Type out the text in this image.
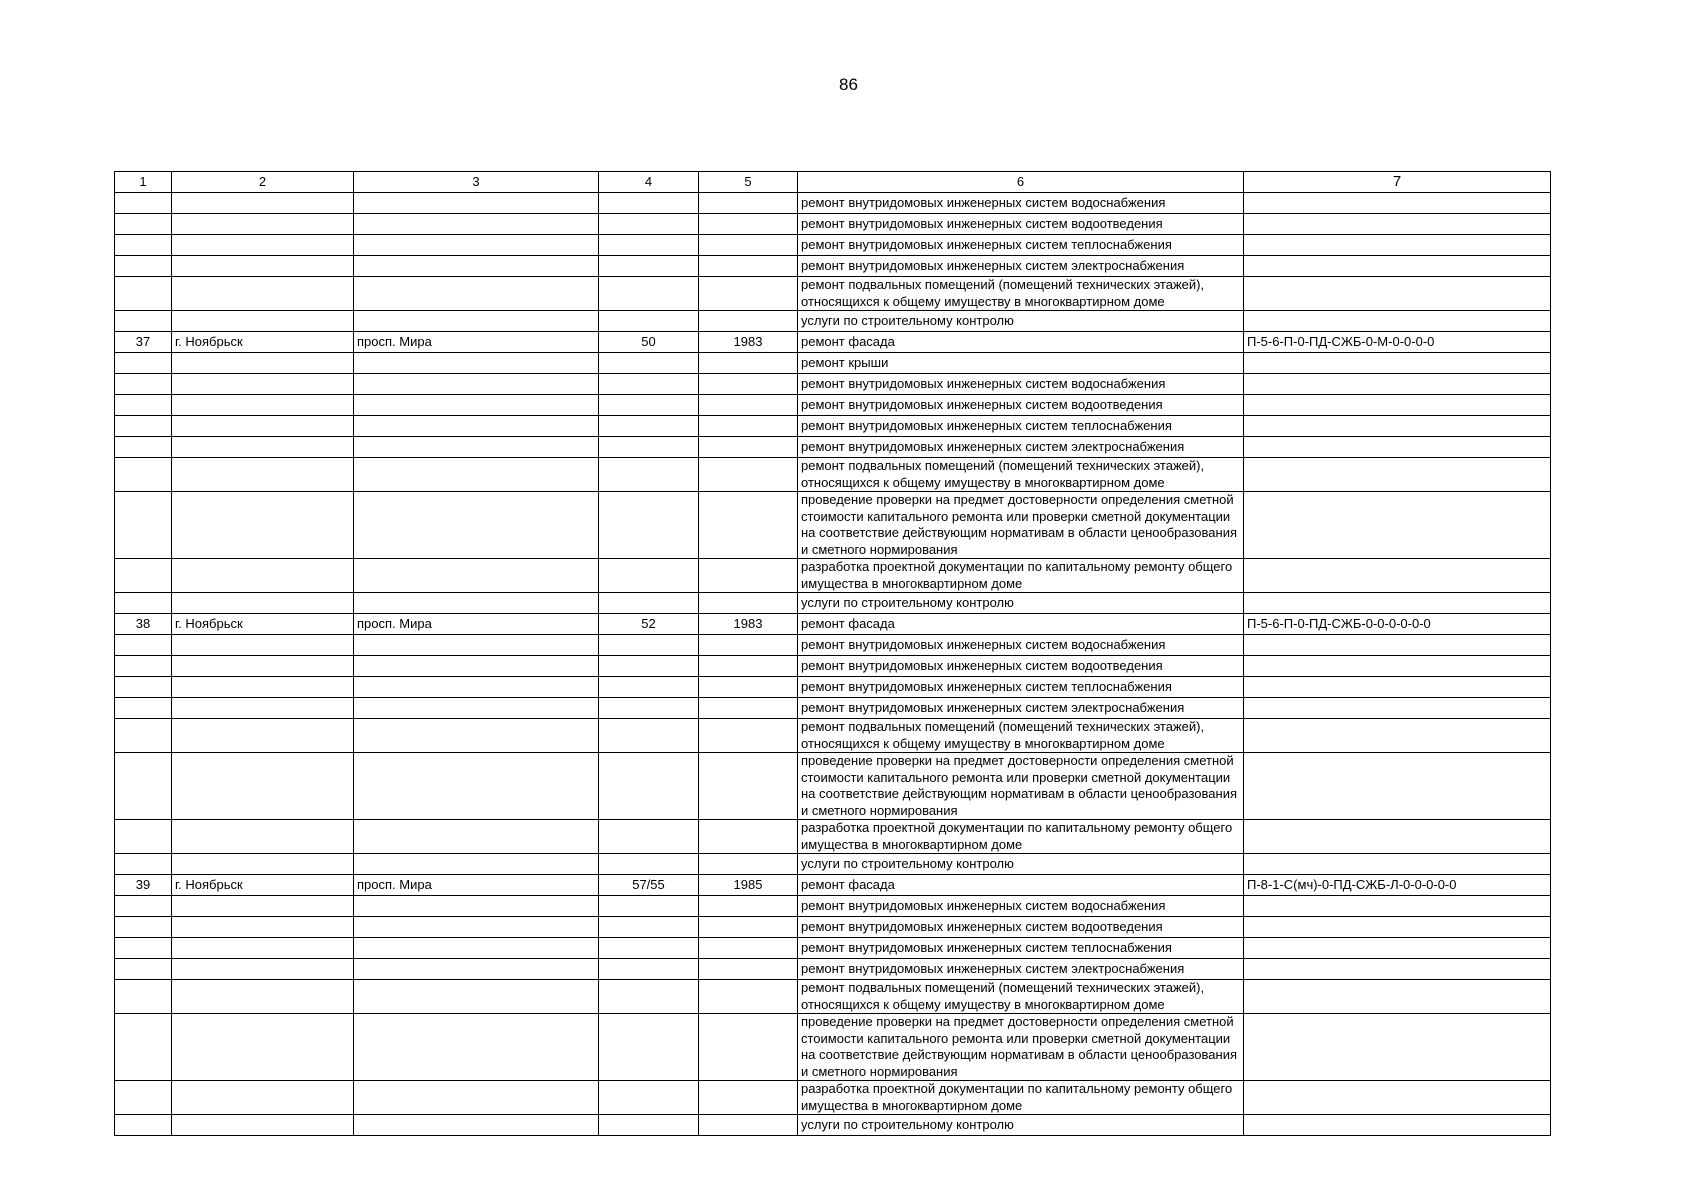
86
1	2	3	4	5	6	7
					ремонт внутридомовых инженерных систем водоснабжения	
					ремонт внутридомовых инженерных систем водоотведения	
					ремонт внутридомовых инженерных систем теплоснабжения	
					ремонт внутридомовых инженерных систем электроснабжения	
					ремонт подвальных помещений (помещений технических этажей), относящихся к общему имуществу в многоквартирном доме	
					услуги по строительному контролю	
37	г. Ноябрьск	просп. Мира	50	1983	ремонт фасада	П-5-6-П-0-ПД-СЖБ-0-М-0-0-0-0
					ремонт крыши	
					ремонт внутридомовых инженерных систем водоснабжения	
					ремонт внутридомовых инженерных систем водоотведения	
					ремонт внутридомовых инженерных систем теплоснабжения	
					ремонт внутридомовых инженерных систем электроснабжения	
					ремонт подвальных помещений (помещений технических этажей), относящихся к общему имуществу в многоквартирном доме	
					проведение проверки на предмет достоверности определения сметной стоимости капитального ремонта или проверки сметной документации на соответствие действующим нормативам в области ценообразования и сметного нормирования	
					разработка проектной документации по капитальному ремонту общего имущества в многоквартирном доме	
					услуги по строительному контролю	
38	г. Ноябрьск	просп. Мира	52	1983	ремонт фасада	П-5-6-П-0-ПД-СЖБ-0-0-0-0-0-0
					ремонт внутридомовых инженерных систем водоснабжения	
					ремонт внутридомовых инженерных систем водоотведения	
					ремонт внутридомовых инженерных систем теплоснабжения	
					ремонт внутридомовых инженерных систем электроснабжения	
					ремонт подвальных помещений (помещений технических этажей), относящихся к общему имуществу в многоквартирном доме	
					проведение проверки на предмет достоверности определения сметной стоимости капитального ремонта или проверки сметной документации на соответствие действующим нормативам в области ценообразования и сметного нормирования	
					разработка проектной документации по капитальному ремонту общего имущества в многоквартирном доме	
					услуги по строительному контролю	
39	г. Ноябрьск	просп. Мира	57/55	1985	ремонт фасада	П-8-1-С(мч)-0-ПД-СЖБ-Л-0-0-0-0-0
					ремонт внутридомовых инженерных систем водоснабжения	
					ремонт внутридомовых инженерных систем водоотведения	
					ремонт внутридомовых инженерных систем теплоснабжения	
					ремонт внутридомовых инженерных систем электроснабжения	
					ремонт подвальных помещений (помещений технических этажей), относящихся к общему имуществу в многоквартирном доме	
					проведение проверки на предмет достоверности определения сметной стоимости капитального ремонта или проверки сметной документации на соответствие действующим нормативам в области ценообразования и сметного нормирования	
					разработка проектной документации по капитальному ремонту общего имущества в многоквартирном доме	
					услуги по строительному контролю	
